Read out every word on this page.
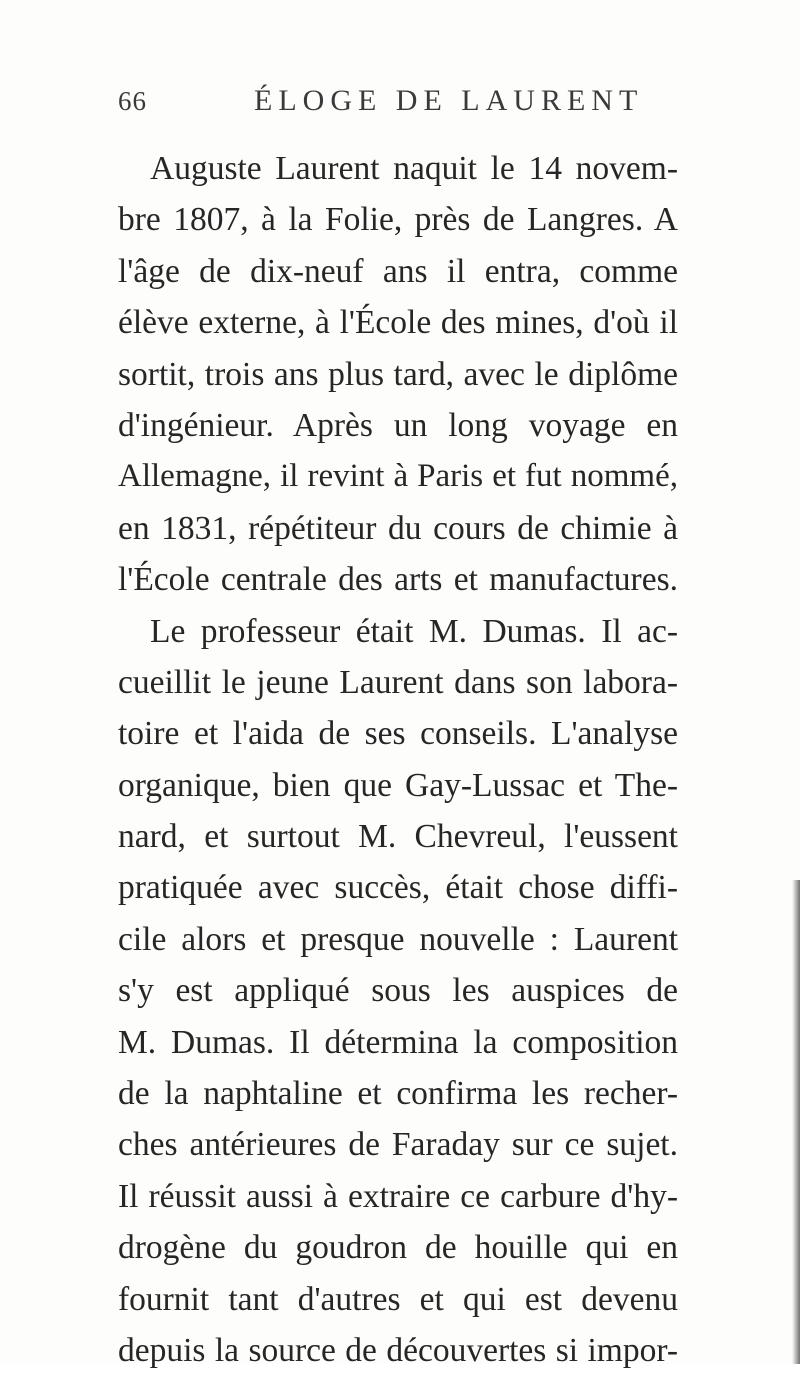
66	ÉLOGE DE LAURENT
Auguste Laurent naquit le 14 novem-
bre 1807, à la Folie, près de Langres. A
l'âge de dix-neuf ans il entra, comme
élève externe, à l'École des mines, d'où il
sortit, trois ans plus tard, avec le diplôme
d'ingénieur. Après un long voyage en
Allemagne, il revint à Paris et fut nommé,
en 1831, répétiteur du cours de chimie à
l'École centrale des arts et manufactures.
Le professeur était M. Dumas. Il ac-
cueillit le jeune Laurent dans son labora-
toire et l'aida de ses conseils. L'analyse
organique, bien que Gay-Lussac et The-
nard, et surtout M. Chevreul, l'eussent
pratiquée avec succès, était chose diffi-
cile alors et presque nouvelle : Laurent
s'y est appliqué sous les auspices de
M. Dumas. Il détermina la composition
de la naphtaline et confirma les recher-
ches antérieures de Faraday sur ce sujet.
Il réussit aussi à extraire ce carbure d'hy-
drogène du goudron de houille qui en
fournit tant d'autres et qui est devenu
depuis la source de découvertes si impor-
